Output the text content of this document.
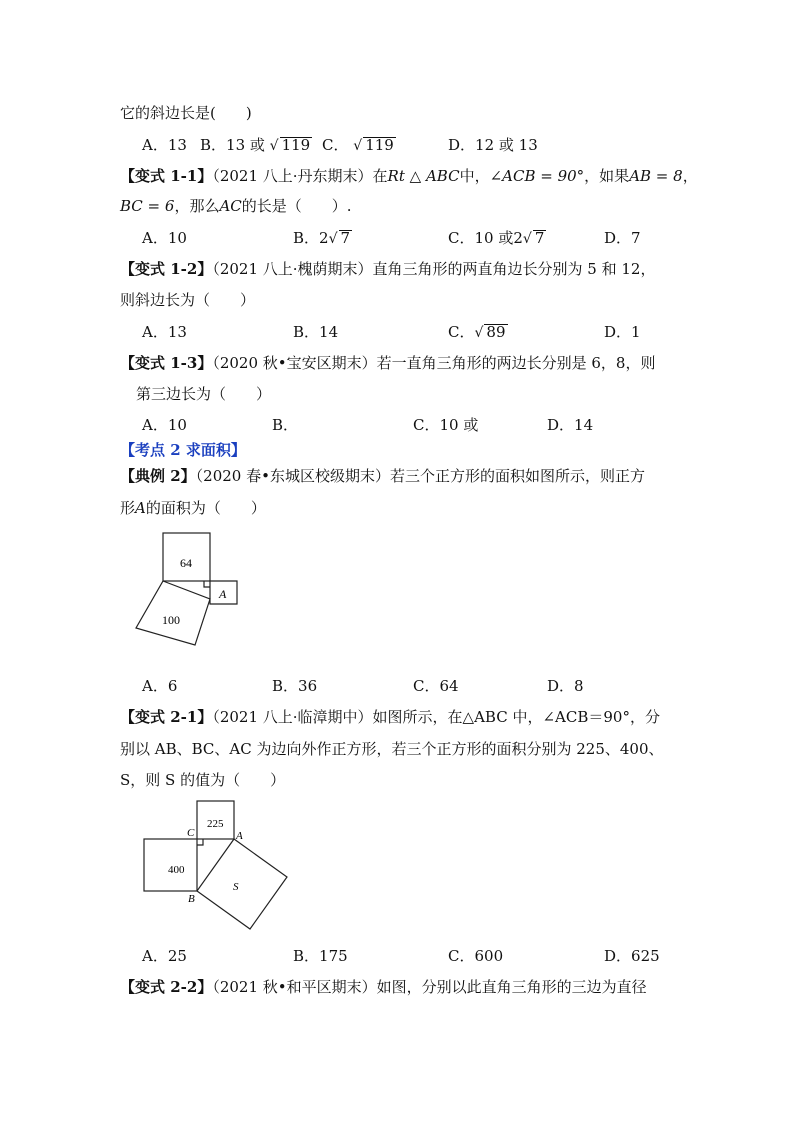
它的斜边长是(　　)
A．13 B．13 或 √ 119 C． √ 119	D．12 或 13
【变式 1-1】（2021 八上·丹东期末）在Rt △ ABC中，∠ACB = 90°，如果AB = 8，
BC = 6，那么AC的长是（　　）.
A．10	B．2√ 7	C．10 或2√ 7	D．7
【变式 1-2】（2021 八上·槐荫期末）直角三角形的两直角边长分别为 5 和 12，
则斜边长为（　　）
A．13	B．14	C．√ 89	D．1
【变式 1-3】（2020 秋•宝安区期末）若一直角三角形的两边长分别是 6，8，则
第三边长为（　　）
A．10	B．	C．10 或	D．14
【考点 2 求面积】
【典例 2】（2020 春•东城区校级期末）若三个正方形的面积如图所示，则正方
形A的面积为（　　）
64
100
A
A．6	B．36	C．64	D．8
【变式 2-1】（2021 八上·临漳期中）如图所示，在△ABC 中，∠ACB＝90°，分
别以 AB、BC、AC 为边向外作正方形，若三个正方形的面积分别为 225、400、
S，则 S 的值为（　　）
225
400
S
C	A
B
A．25	B．175	C．600	D．625
【变式 2-2】（2021 秋•和平区期末）如图，分别以此直角三角形的三边为直径
